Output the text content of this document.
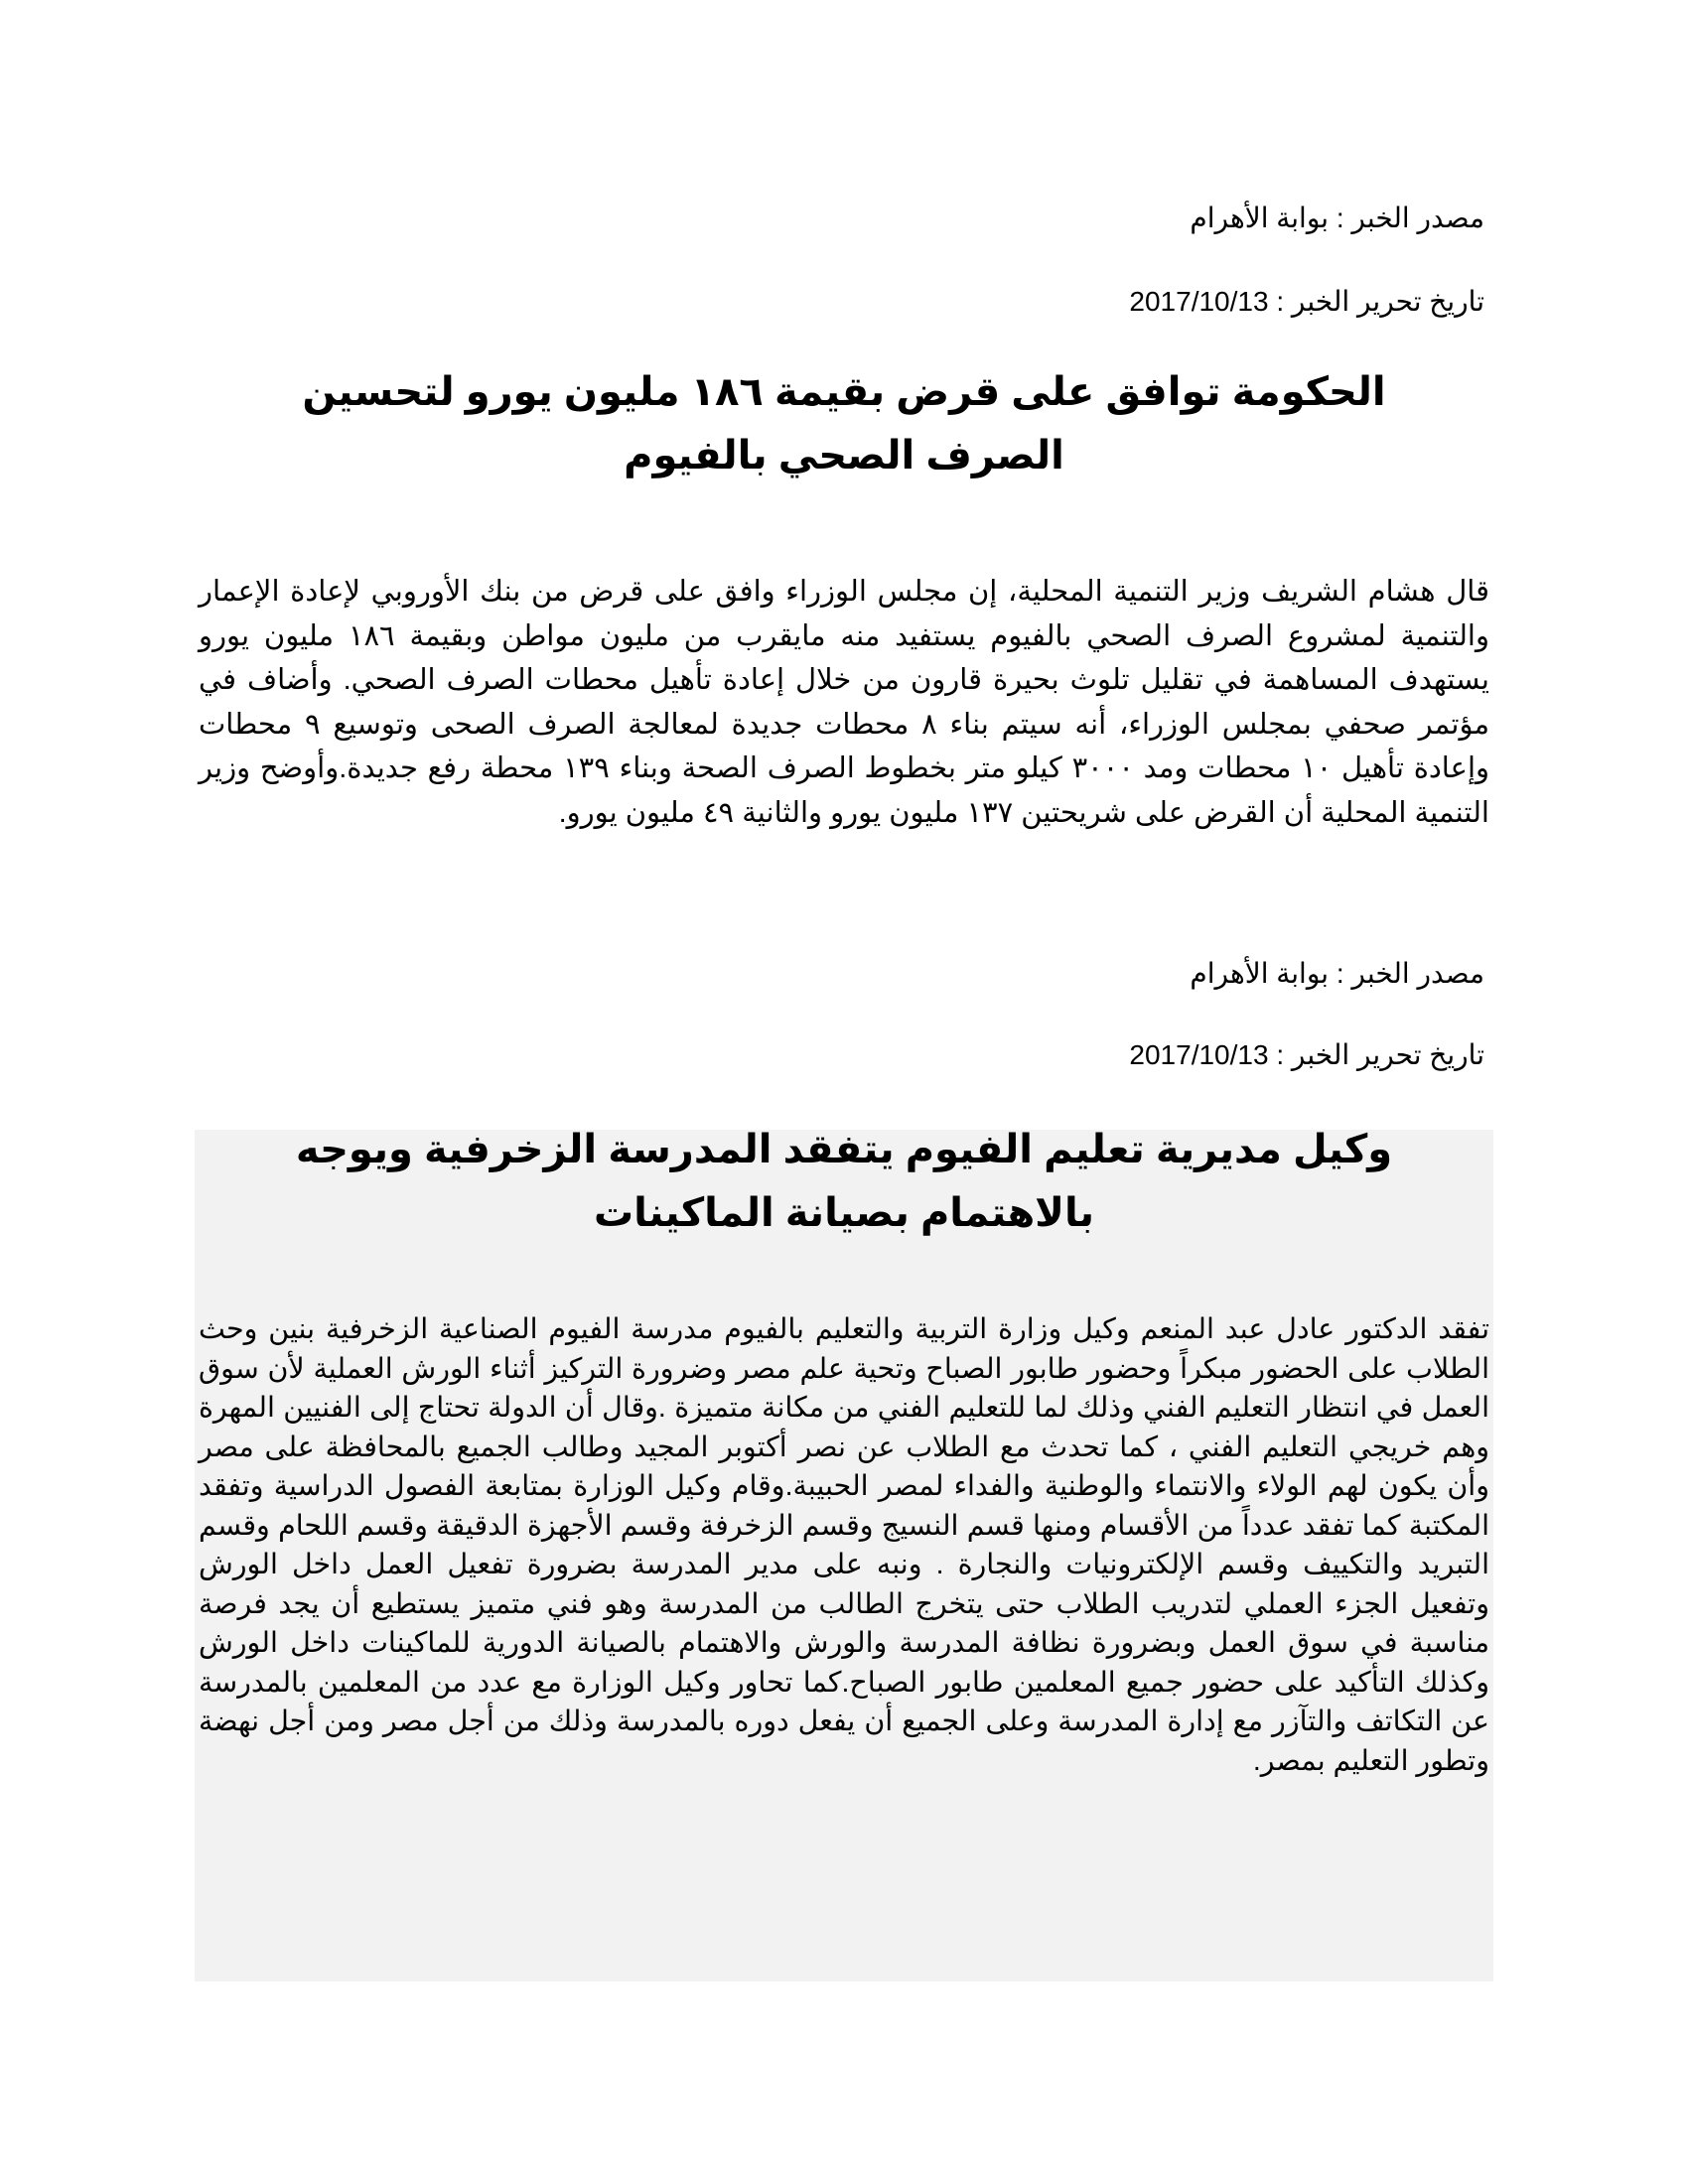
مصدر الخبر : بوابة الأهرام
تاريخ تحرير الخبر : 2017/10/13
الحكومة توافق على قرض بقيمة ١٨٦ مليون يورو لتحسين الصرف الصحي بالفيوم
قال هشام الشريف وزير التنمية المحلية، إن مجلس الوزراء وافق على قرض من بنك الأوروبي لإعادة الإعمار والتنمية لمشروع الصرف الصحي بالفيوم يستفيد منه مايقرب من مليون مواطن وبقيمة ١٨٦ مليون يورو يستهدف المساهمة في تقليل تلوث بحيرة قارون من خلال إعادة تأهيل محطات الصرف الصحي. وأضاف في مؤتمر صحفي بمجلس الوزراء، أنه سيتم بناء ٨ محطات جديدة لمعالجة الصرف الصحى وتوسيع ٩ محطات وإعادة تأهيل ١٠ محطات ومد ٣٠٠٠ كيلو متر بخطوط الصرف الصحة وبناء ١٣٩ محطة رفع جديدة.وأوضح وزير التنمية المحلية أن القرض على شريحتين ١٣٧ مليون يورو والثانية ٤٩ مليون يورو.
مصدر الخبر : بوابة الأهرام
تاريخ تحرير الخبر : 2017/10/13
وكيل مديرية تعليم الفيوم يتفقد المدرسة الزخرفية ويوجه بالاهتمام بصيانة الماكينات
تفقد الدكتور عادل عبد المنعم وكيل وزارة التربية والتعليم بالفيوم مدرسة الفيوم الصناعية الزخرفية بنين وحث الطلاب على الحضور مبكراً وحضور طابور الصباح وتحية علم مصر وضرورة التركيز أثناء الورش العملية لأن سوق العمل في انتظار التعليم الفني وذلك لما للتعليم الفني من مكانة متميزة .وقال أن الدولة تحتاج إلى الفنيين المهرة وهم خريجي التعليم الفني ، كما تحدث مع الطلاب عن نصر أكتوبر المجيد وطالب الجميع بالمحافظة على مصر وأن يكون لهم الولاء والانتماء والوطنية والفداء لمصر الحبيبة.وقام وكيل الوزارة بمتابعة الفصول الدراسية وتفقد المكتبة كما تفقد عدداً من الأقسام ومنها قسم النسيج وقسم الزخرفة وقسم الأجهزة الدقيقة وقسم اللحام وقسم التبريد والتكييف وقسم الإلكترونيات والنجارة . ونبه على مدير المدرسة بضرورة تفعيل العمل داخل الورش وتفعيل الجزء العملي لتدريب الطلاب حتى يتخرج الطالب من المدرسة وهو فني متميز يستطيع أن يجد فرصة مناسبة في سوق العمل وبضرورة نظافة المدرسة والورش والاهتمام بالصيانة الدورية للماكينات داخل الورش وكذلك التأكيد على حضور جميع المعلمين طابور الصباح.كما تحاور وكيل الوزارة مع عدد من المعلمين بالمدرسة عن التكاتف والتآزر مع إدارة المدرسة وعلى الجميع أن يفعل دوره بالمدرسة وذلك من أجل مصر ومن أجل نهضة وتطور التعليم بمصر.
